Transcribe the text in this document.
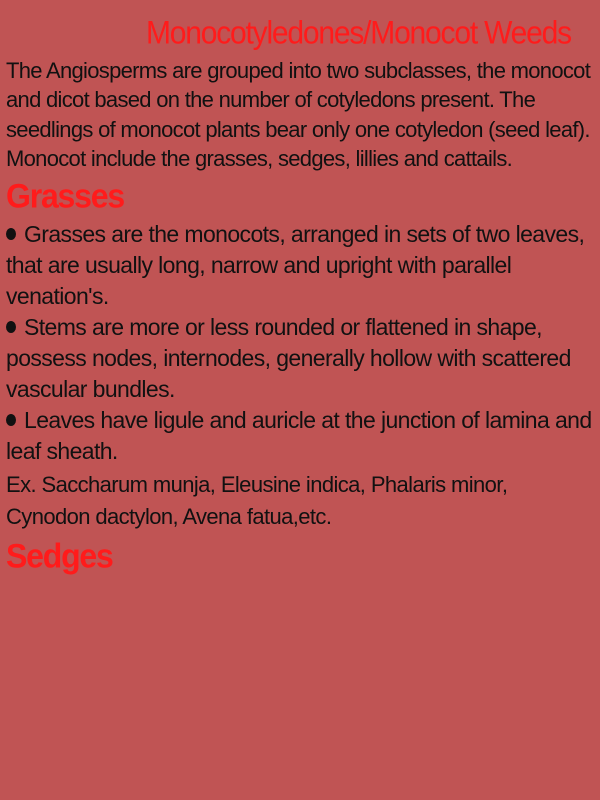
Monocotyledones/Monocot Weeds

The Angiosperms are grouped into two subclasses, the monocot and dicot based on the number of cotyledons present. The seedlings of monocot plants bear only one cotyledon (seed leaf). Monocot include the grasses, sedges, lillies and cattails.

Grasses
Grasses are the monocots, arranged in sets of two leaves, that are usually long, narrow and upright with parallel venation's.
Stems are more or less rounded or flattened in shape, possess nodes, internodes, generally hollow with scattered vascular bundles.
Leaves have ligule and auricle at the junction of lamina and leaf sheath.

Ex. Saccharum munja, Eleusine indica, Phalaris minor, Cynodon dactylon, Avena fatua,etc.

Sedges
